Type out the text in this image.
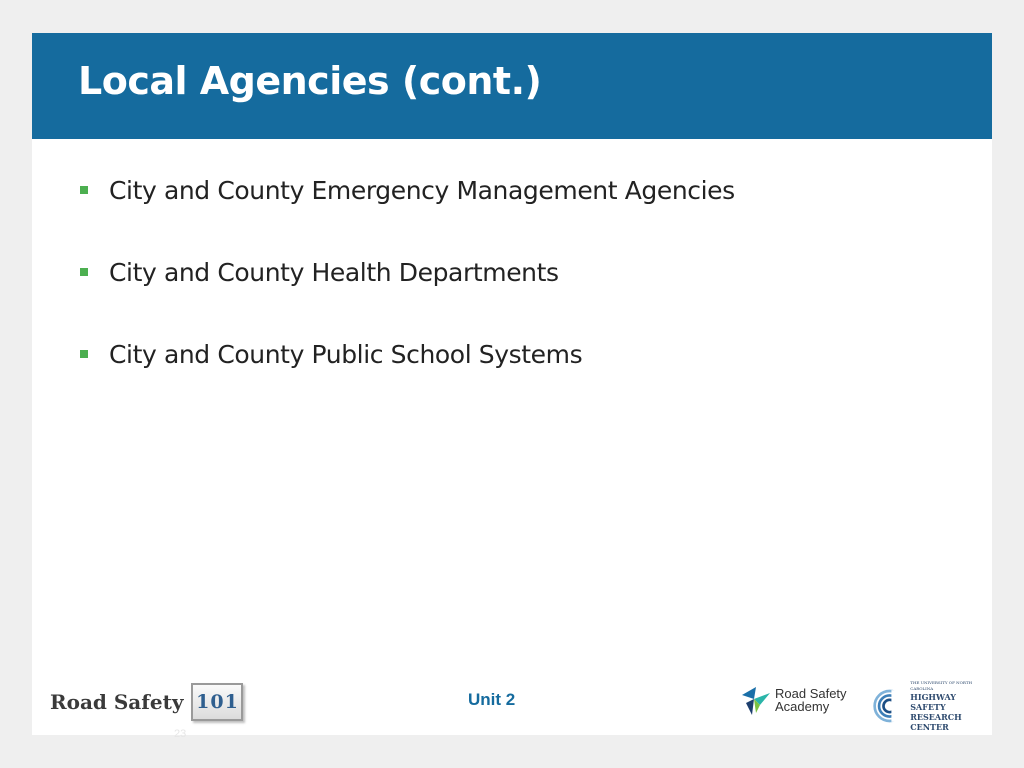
Local Agencies (cont.)
City and County Emergency Management Agencies
City and County Health Departments
City and County Public School Systems
Road Safety 101
23
Unit 2	Road Safety
Academy
THE UNIVERSITY OF NORTH CAROLINA
HIGHWAY SAFETY
RESEARCH CENTER
